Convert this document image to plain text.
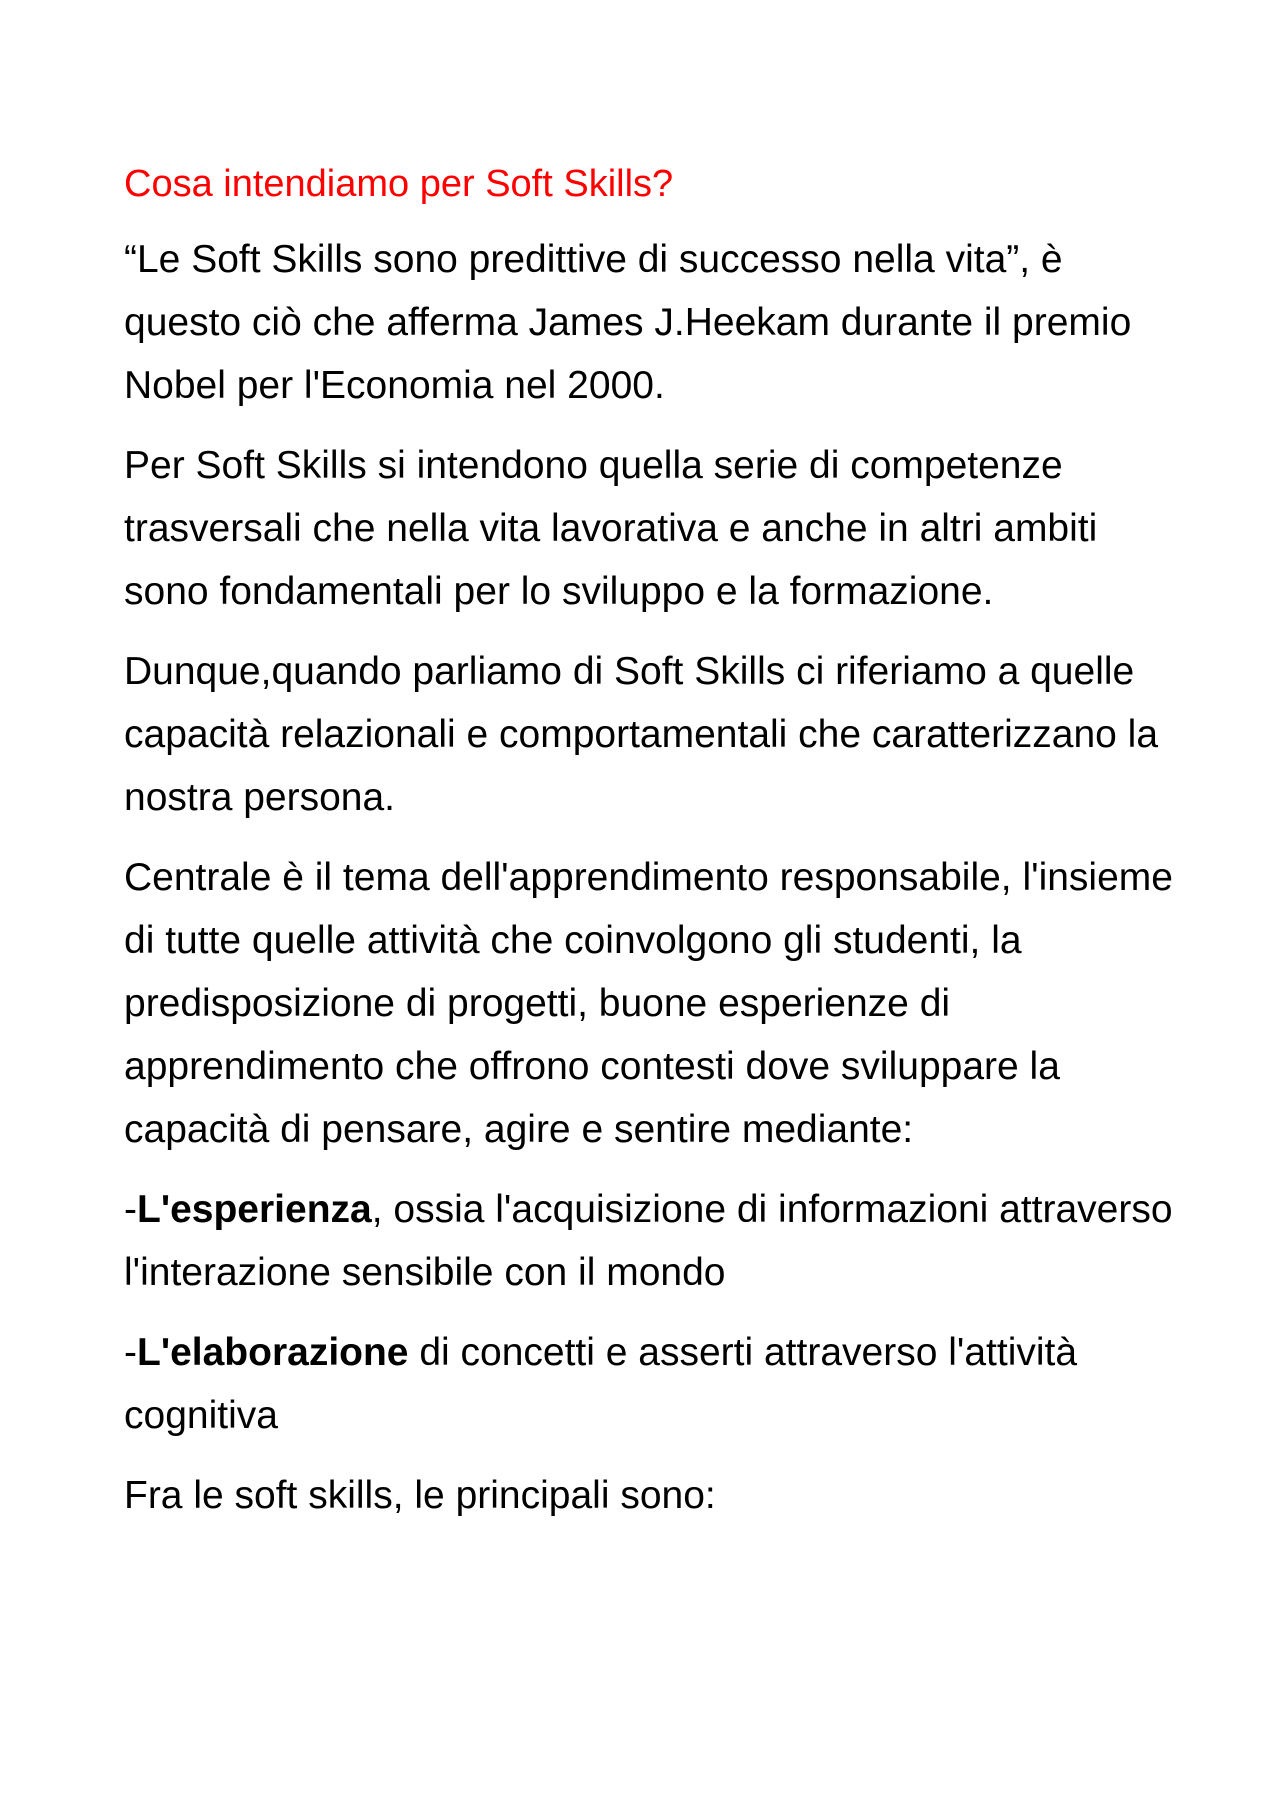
Cosa intendiamo per Soft Skills?

“Le Soft Skills sono predittive di successo nella vita”, è questo ciò che afferma James J.Heekam durante il premio Nobel per l'Economia nel 2000.

Per Soft Skills si intendono quella serie di competenze trasversali che nella vita lavorativa e anche in altri ambiti sono fondamentali per lo sviluppo e la formazione.

Dunque,quando parliamo di Soft Skills ci riferiamo a quelle capacità relazionali e comportamentali che caratterizzano la nostra persona.

Centrale è il tema dell'apprendimento responsabile, l'insieme di tutte quelle attività che coinvolgono gli studenti, la predisposizione di progetti, buone esperienze di apprendimento che offrono contesti dove sviluppare la capacità di pensare, agire e sentire mediante:

-L'esperienza, ossia l'acquisizione di informazioni attraverso l'interazione sensibile con il mondo

-L'elaborazione di concetti e asserti attraverso l'attività cognitiva

Fra le soft skills, le principali sono:
